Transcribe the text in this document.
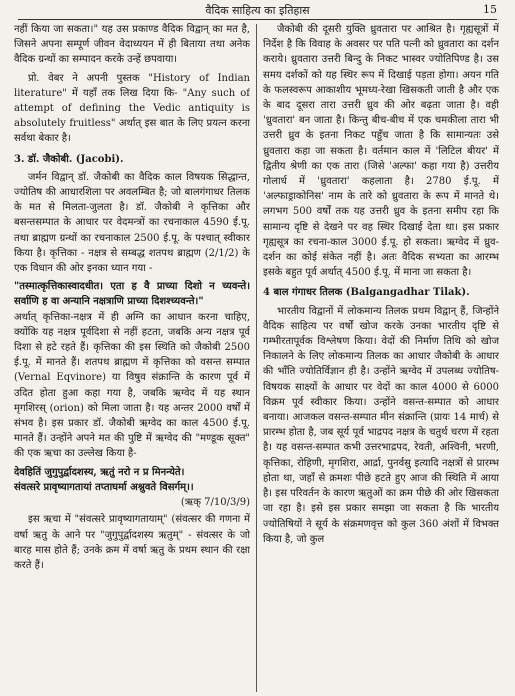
वैदिक साहित्य का इतिहास	15

नहीं किया जा सकता।" यह उस प्रकाण्ड वैदिक विद्वान् का मत है, जिसने अपना सम्पूर्ण जीवन वेदाध्ययन में ही बिताया तथा अनेक वैदिक ग्रन्थों का सम्पादन करके उन्हें छपवाया।

प्रो. वेबर ने अपनी पुस्तक "History of Indian literature" में यहाँ तक लिख दिया कि- "Any such of attempt of defining the Vedic antiquity is absolutely fruitless" अर्थात् इस बात के लिए प्रयत्न करना सर्वथा बेकार है।

3. डॉ. जैकोबी. (Jacobi).

जर्मन विद्वान् डॉ. जैकोबी का वैदिक काल विषयक सिद्धान्त, ज्योतिष की आधारशिला पर अवलम्बित है; जो बालगंगाधर तिलक के मत से मिलता-जुलता है। डॉ. जैकोबी ने कृत्तिका और बसन्तसम्पात के आधार पर वेदमन्त्रों का रचनाकाल 4590 ई.पू. तथा ब्राह्मण ग्रन्थों का रचनाकाल 2500 ई.पू. के पश्चात् स्वीकार किया है। कृत्तिका - नक्षत्र से सम्बद्ध शतपथ ब्राह्मण (2/1/2) के एक विधान की ओर इनका ध्यान गया -

"तस्मात्कृत्तिकास्वादधीत। एता ह वै प्राच्या दिशो न च्यवन्ते। सर्वाणि ह वा अन्यानि नक्षत्राणि प्राच्या दिशश्च्यवन्ते।"

अर्थात् कृत्तिका-नक्षत्र में ही अग्नि का आधान करना चाहिए, क्योंकि यह नक्षत्र पूर्वदिशा से नहीं हटता, जबकि अन्य नक्षत्र पूर्व दिशा से हटे रहते हैं। कृत्तिका की इस स्थिति को जैकोबी 2500 ई.पू. में मानते हैं। शतपथ ब्राह्मण में कृत्तिका को वसन्त सम्पात (Vernal Eqvinore) या विषुव संक्रान्ति के कारण पूर्व में उदित होता हुआ कहा गया है, जबकि ऋग्वेद में यह स्थान मृगशिरस् (orion) को मिला जाता है। यह अन्तर 2000 वर्षों में संभव है। इस प्रकार डॉ. जैकोबी ऋग्वेद का काल 4500 ई.पू. मानते हैं। उन्होंने अपने मत की पुष्टि में ऋग्वेद की "मण्डूक सूक्त" की एक ऋचा का उल्लेख किया है-

देवहितिं जुगुपुर्द्वादशस्य, ऋतुं नरो न प्र मिनन्येते।
संवत्सरे प्रावृष्यागतायां तप्ताघर्मा अश्नुवते विसर्गम्।।
(ऋक् 7/10/3/9)

इस ऋचा में "संवत्सरे प्रावृष्यागतायाम्" (संवत्सर की गणना में वर्षा ऋतु के आने पर "जुगुपुर्द्वादशस्य ऋतुम्" - संवत्सर के जो बारह मास होते हैं; उनके क्रम में वर्षा ऋतु के प्रथम स्थान की रक्षा करते हैं।

जैकोबी की दूसरी युक्ति ध्रुवतारा पर आश्रित है। गृह्यसूत्रों में निर्देश है कि विवाह के अवसर पर पति पत्नी को ध्रुवतारा का दर्शन कराये। ध्रुवतारा उत्तरी बिन्दु के निकट भास्वर ज्योतिपिण्ड है। उस समय दर्शकों को यह स्थिर रूप में दिखाई पड़ता होगा। अयन गति के फलस्वरूप आकाशीय भूमध्य-रेखा खिसकती जाती है और एक के बाद दूसरा तारा उत्तरी ध्रुव की ओर बढ़ता जाता है। वही 'ध्रुवतारा' बन जाता है। किन्तु बीच-बीच में एक चमकीला तारा भी उत्तरी ध्रुव के इतना निकट पहुँच जाता है कि सामान्यतः उसे ध्रुवतारा कहा जा सकता है। वर्तमान काल में 'लिटिल बीयर' में द्वितीय श्रेणी का एक तारा (जिसे 'अल्फा' कहा गया है) उत्तरीय गोलार्ध में 'ध्रुवतारा' कहलाता है। 2780 ई.पू. में 'अल्फाड्राकोनिस' नाम के तारे को ध्रुवतारा के रूप में मानते थे। लगभग 500 वर्षों तक यह उत्तरी ध्रुव के इतना समीप रहा कि सामान्य दृष्टि से देखने पर वह स्थिर दिखाई देता था। इस प्रकार गृह्यसूत्र का रचना-काल 3000 ई.पू. हो सकता। ऋग्वेद में ध्रुव-दर्शन का कोई संकेत नहीं है। अतः वैदिक सभ्यता का आरम्भ इसके बहुत पूर्व अर्थात् 4500 ई.पू. में माना जा सकता है।

4 बाल गंगाधर तिलक (Balgangadhar Tilak).

भारतीय विद्वानों में लोकमान्य तिलक प्रथम विद्वान् हैं, जिन्होंने वैदिक साहित्य पर वर्षों खोज करके उनका भारतीय दृष्टि से गम्भीरतापूर्वक विश्लेषण किया। वेदों की निर्माण तिथि को खोज निकालने के लिए लोकमान्य तिलक का आधार जैकोबी के आधार की भाँति ज्योतिर्विज्ञान ही है। उन्होंने ऋग्वेद में उपलब्ध ज्योतिष-विषयक साक्ष्यों के आधार पर वेदों का काल 4000 से 6000 विक्रम पूर्व स्वीकार किया। उन्होंने वसन्त-सम्पात को आधार बनाया। आजकल वसन्त-सम्पात मीन संक्रान्ति (प्रायः 14 मार्च) से प्रारम्भ होता है, जब सूर्य पूर्व भाद्रपद नक्षत्र के चतुर्थ चरण में रहता है। यह वसन्त-सम्पात कभी उत्तरभाद्रपद, रेवती, अश्विनी, भरणी, कृत्तिका, रोहिणी, मृगशिरा, आर्द्रा, पुनर्वसु इत्यादि नक्षत्रों से प्रारम्भ होता था, जहाँ से क्रमशः पीछे हटते हुए आज की स्थिति में आया है। इस परिवर्तन के कारण ऋतुओं का क्रम पीछे की ओर खिसकता जा रहा है। इसे इस प्रकार समझा जा सकता है कि भारतीय ज्योतिषियों ने सूर्य के संक्रमणवृत्त को कुल 360 अंशों में विभक्त किया है, जो कुल
